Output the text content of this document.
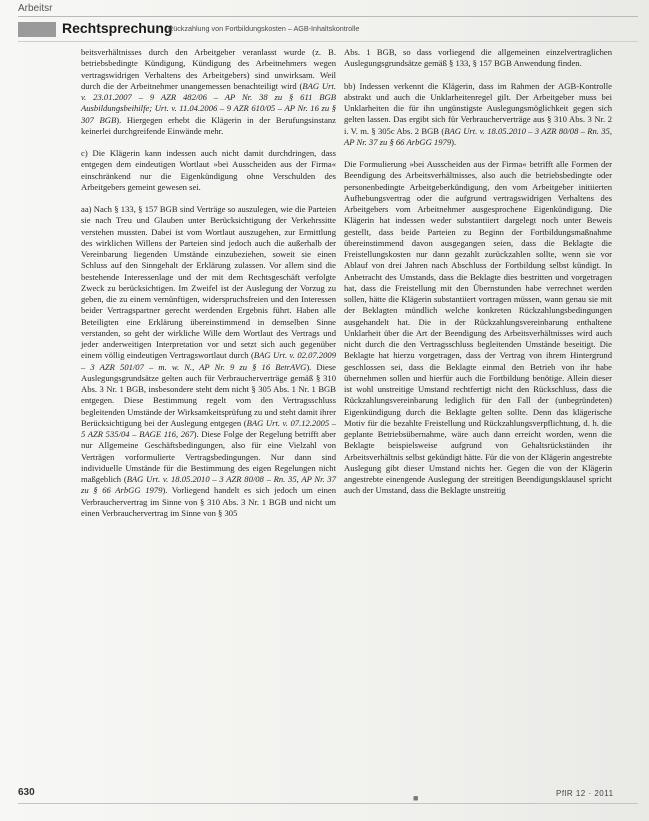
Arbeitsr
Rechtsprechung
Rückzahlung von Fortbildungskosten – AGB-Inhaltskontrolle

beitsverhältnisses durch den Arbeitgeber veranlasst wurde (z. B. betriebsbedingte Kündigung, Kündigung des Arbeitnehmers wegen vertragswidrigen Verhaltens des Arbeitgebers) sind unwirksam. Weil durch die der Arbeitnehmer unangemessen benachteiligt wird (BAG Urt. v. 23.01.2007 – 9 AZR 482/06 – AP Nr. 38 zu § 611 BGB Ausbildungsbeihilfe; Urt. v. 11.04.2006 – 9 AZR 610/05 – AP Nr. 16 zu § 307 BGB). Hiergegen erhebt die Klägerin in der Berufungsinstanz keinerlei durchgreifende Einwände mehr.

c) Die Klägerin kann indessen auch nicht damit durchdringen, dass entgegen dem eindeutigen Wortlaut »bei Ausscheiden aus der Firma« einschränkend nur die Eigenkündigung ohne Verschulden des Arbeitgebers gemeint gewesen sei.

aa) Nach § 133, § 157 BGB sind Verträge so auszulegen, wie die Parteien sie nach Treu und Glauben unter Berücksichtigung der Verkehrssitte verstehen mussten. Dabei ist vom Wortlaut auszugehen, zur Ermittlung des wirklichen Willens der Parteien sind jedoch auch die außerhalb der Vereinbarung liegenden Umstände einzubeziehen, soweit sie einen Schluss auf den Sinngehalt der Erklärung zulassen. Vor allem sind die bestehende Interessenlage und der mit dem Rechtsgeschäft verfolgte Zweck zu berücksichtigen. Im Zweifel ist der Auslegung der Vorzug zu geben, die zu einem vernünftigen, widerspruchsfreien und den Interessen beider Vertragspartner gerecht werdenden Ergebnis führt. Haben alle Beteiligten eine Erklärung übereinstimmend in demselben Sinne verstanden, so geht der wirkliche Wille dem Wortlaut des Vertrags und jeder anderweitigen Interpretation vor und setzt sich auch gegenüber einem völlig eindeutigen Vertragswortlaut durch (BAG Urt. v. 02.07.2009 – 3 AZR 501/07 – m. w. N., AP Nr. 9 zu § 16 BetrAVG). Diese Auslegungsgrundsätze gelten auch für Verbraucherverträge gemäß § 310 Abs. 3 Nr. 1 BGB, insbesondere steht dem nicht § 305 Abs. 1 Nr. 1 BGB entgegen. Diese Bestimmung regelt vom den Vertragsschluss begleitenden Umstände der Wirksamkeitsprüfung zu und steht damit ihrer Berücksichtigung bei der Auslegung entgegen (BAG Urt. v. 07.12.2005 – 5 AZR 535/04 – BAGE 116, 267). Diese Folge der Regelung betrifft aber nur Allgemeine Geschäftsbedingungen, also für eine Vielzahl von Verträgen vorformulierte Vertragsbedingungen. Nur dann sind individuelle Umstände für die Bestimmung des eigen Regelungen nicht maßgeblich (BAG Urt. v. 18.05.2010 – 3 AZR 80/08 – Rn. 35, AP Nr. 37 zu § 66 ArbGG 1979). Vorliegend handelt es sich jedoch um einen Verbrauchervertrag im Sinne von § 310 Abs. 3 Nr. 1 BGB und nicht um einen Verbrauchervertrag im Sinne von § 305

Abs. 1 BGB, so dass vorliegend die allgemeinen einzelvertraglichen Auslegungsgrundsätze gemäß § 133, § 157 BGB Anwendung finden.

bb) Indessen verkennt die Klägerin, dass im Rahmen der AGB-Kontrolle abstrakt und auch die Unklarheitenregel gilt. Der Arbeitgeber muss bei Unklarheiten die für ihn ungünstigste Auslegungsmöglichkeit gegen sich gelten lassen. Das ergibt sich für Verbraucherverträge aus § 310 Abs. 3 Nr. 2 i. V. m. § 305c Abs. 2 BGB (BAG Urt. v. 18.05.2010 – 3 AZR 80/08 – Rn. 35, AP Nr. 37 zu § 66 ArbGG 1979).

Die Formulierung »bei Ausscheiden aus der Firma« betrifft alle Formen der Beendigung des Arbeitsverhältnisses, also auch die betriebsbedingte oder personenbedingte Arbeitgeberkündigung, den vom Arbeitgeber initiierten Aufhebungsvertrag oder die aufgrund vertragswidrigen Verhaltens des Arbeitgebers vom Arbeitnehmer ausgesprochene Eigenkündigung. Die Klägerin hat indessen weder substantiiert dargelegt noch unter Beweis gestellt, dass beide Parteien zu Beginn der Fortbildungsmaßnahme übereinstimmend davon ausgegangen seien, dass die Beklagte die Freistellungskosten nur dann gezahlt zurückzahlen sollte, wenn sie vor Ablauf von drei Jahren nach Abschluss der Fortbildung selbst kündigt. In Anbetracht des Umstands, dass die Beklagte dies bestritten und vorgetragen hat, dass die Freistellung mit den Übernstunden habe verrechnet werden sollen, hätte die Klägerin substantiiert vortragen müssen, wann genau sie mit der Beklagten mündlich welche konkreten Rückzahlungsbedingungen ausgehandelt hat. Die in der Rückzahlungsvereinbarung enthaltene Unklarheit über die Art der Beendigung des Arbeitsverhältnisses wird auch nicht durch die den Vertragsschluss begleitenden Umstände beseitigt. Die Beklagte hat hierzu vorgetragen, dass der Vertrag von ihrem Hintergrund geschlossen sei, dass die Beklagte einmal den Betrieb von ihr habe übernehmen sollen und hierfür auch die Fortbildung benötige. Allein dieser ist wohl unstreitige Umstand rechtfertigt nicht den Rückschluss, dass die Rückzahlungsvereinbarung lediglich für den Fall der (unbegründeten) Eigenkündigung durch die Beklagte gelten sollte. Denn das klägerische Motiv für die bezahlte Freistellung und Rückzahlungsverpflichtung, d. h. die geplante Betriebsübernahme, wäre auch dann erreicht worden, wenn die Beklagte beispielsweise aufgrund von Gehaltsrückständen ihr Arbeitsverhältnis selbst gekündigt hätte. Für die von der Klägerin angestrebte Auslegung gibt dieser Umstand nichts her. Gegen die von der Klägerin angestrebte einengende Auslegung der streitigen Beendigungsklausel spricht auch der Umstand, dass die Beklagte unstreitig

630	■	PflR 12 · 2011
